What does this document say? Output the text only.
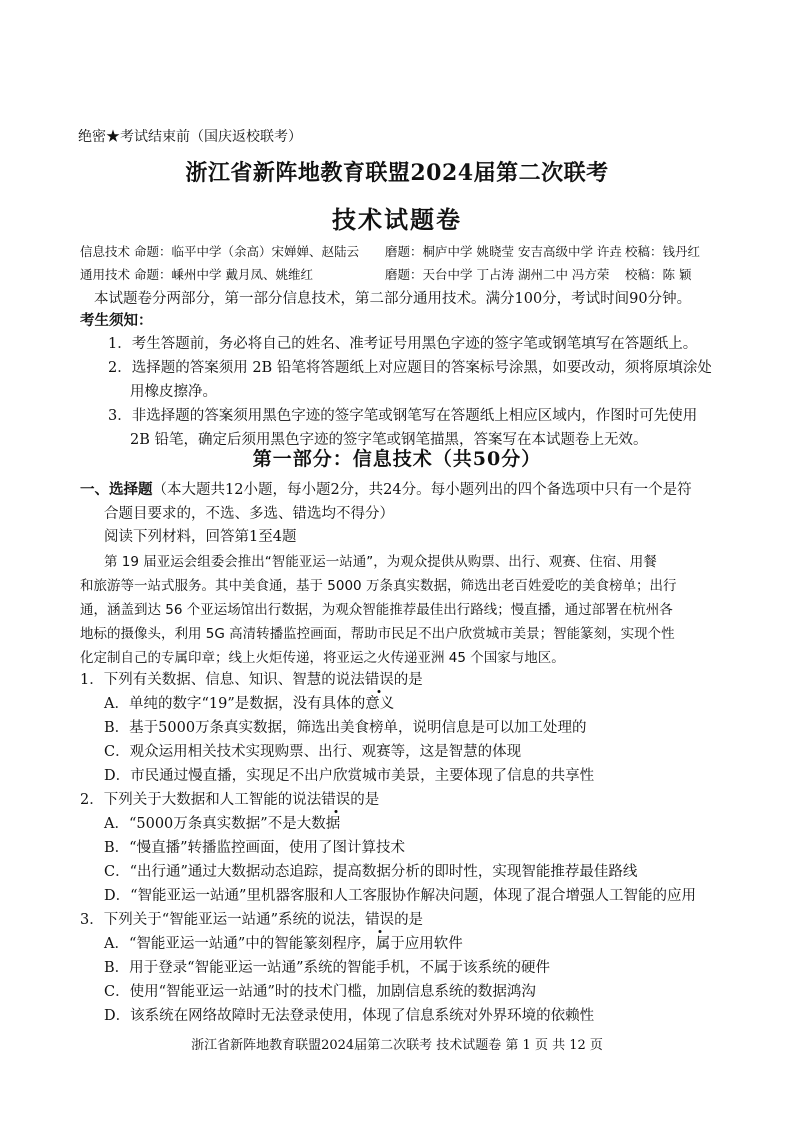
绝密★考试结束前（国庆返校联考）
浙江省新阵地教育联盟2024届第二次联考
技术试题卷
信息技术 命题：临平中学（余高）宋婵婵、赵陆云 磨题：桐庐中学 姚晓莹 安吉高级中学 许垚 校稿：钱丹红
通用技术 命题：嵊州中学 戴月凤、姚维红	磨题：天台中学 丁占涛 湖州二中 冯方荣 校稿：陈 颖
本试题卷分两部分，第一部分信息技术，第二部分通用技术。满分100分，考试时间90分钟。
考生须知：
1．考生答题前，务必将自己的姓名、准考证号用黑色字迹的签字笔或钢笔填写在答题纸上。
2．选择题的答案须用 2B 铅笔将答题纸上对应题目的答案标号涂黑，如要改动，须将原填涂处
用橡皮擦净。
3．非选择题的答案须用黑色字迹的签字笔或钢笔写在答题纸上相应区域内，作图时可先使用
2B 铅笔，确定后须用黑色字迹的签字笔或钢笔描黑，答案写在本试题卷上无效。
第一部分：信息技术（共50分）
一、选择题（本大题共12小题，每小题2分，共24分。每小题列出的四个备选项中只有一个是符
合题目要求的，不选、多选、错选均不得分）
阅读下列材料，回答第1至4题
第 19 届亚运会组委会推出“智能亚运一站通”，为观众提供从购票、出行、观赛、住宿、用餐
和旅游等一站式服务。其中美食通，基于 5000 万条真实数据，筛选出老百姓爱吃的美食榜单；出行
通，涵盖到达 56 个亚运场馆出行数据，为观众智能推荐最佳出行路线；慢直播，通过部署在杭州各
地标的摄像头，利用 5G 高清转播监控画面，帮助市民足不出户欣赏城市美景；智能篆刻，实现个性
化定制自己的专属印章；线上火炬传递，将亚运之火传递亚洲 45 个国家与地区。
1．下列有关数据、信息、知识、智慧的说法错误的是
A．单纯的数字“19”是数据，没有具体的意义
B．基于5000万条真实数据，筛选出美食榜单，说明信息是可以加工处理的
C．观众运用相关技术实现购票、出行、观赛等，这是智慧的体现
D．市民通过慢直播，实现足不出户欣赏城市美景，主要体现了信息的共享性
2．下列关于大数据和人工智能的说法错误的是
A．“5000万条真实数据”不是大数据
B．“慢直播”转播监控画面，使用了图计算技术
C．“出行通”通过大数据动态追踪，提高数据分析的即时性，实现智能推荐最佳路线
D．“智能亚运一站通”里机器客服和人工客服协作解决问题，体现了混合增强人工智能的应用
3．下列关于“智能亚运一站通”系统的说法，错误的是
A．“智能亚运一站通”中的智能篆刻程序，属于应用软件
B．用于登录“智能亚运一站通”系统的智能手机，不属于该系统的硬件
C．使用“智能亚运一站通”时的技术门槛，加剧信息系统的数据鸿沟
D．该系统在网络故障时无法登录使用，体现了信息系统对外界环境的依赖性
浙江省新阵地教育联盟2024届第二次联考 技术试题卷 第 1 页 共 12 页
